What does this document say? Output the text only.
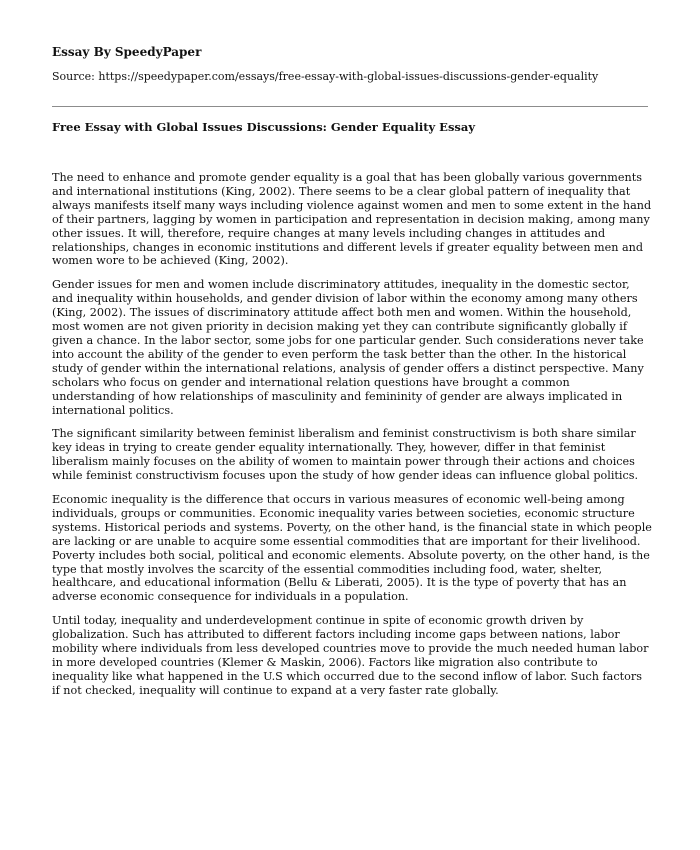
Essay By SpeedyPaper
Source: https://speedypaper.com/essays/free-essay-with-global-issues-discussions-gender-equality
Free Essay with Global Issues Discussions: Gender Equality Essay

The need to enhance and promote gender equality is a goal that has been globally various governments and international institutions (King, 2002). There seems to be a clear global pattern of inequality that always manifests itself many ways including violence against women and men to some extent in the hand of their partners, lagging by women in participation and representation in decision making, among many other issues. It will, therefore, require changes at many levels including changes in attitudes and relationships, changes in economic institutions and different levels if greater equality between men and women wore to be achieved (King, 2002).

Gender issues for men and women include discriminatory attitudes, inequality in the domestic sector, and inequality within households, and gender division of labor within the economy among many others (King, 2002). The issues of discriminatory attitude affect both men and women. Within the household, most women are not given priority in decision making yet they can contribute significantly globally if given a chance. In the labor sector, some jobs for one particular gender. Such considerations never take into account the ability of the gender to even perform the task better than the other. In the historical study of gender within the international relations, analysis of gender offers a distinct perspective. Many scholars who focus on gender and international relation questions have brought a common understanding of how relationships of masculinity and femininity of gender are always implicated in international politics.

The significant similarity between feminist liberalism and feminist constructivism is both share similar key ideas in trying to create gender equality internationally. They, however, differ in that feminist liberalism mainly focuses on the ability of women to maintain power through their actions and choices while feminist constructivism focuses upon the study of how gender ideas can influence global politics.

Economic inequality is the difference that occurs in various measures of economic well-being among individuals, groups or communities. Economic inequality varies between societies, economic structure systems. Historical periods and systems. Poverty, on the other hand, is the financial state in which people are lacking or are unable to acquire some essential commodities that are important for their livelihood. Poverty includes both social, political and economic elements. Absolute poverty, on the other hand, is the type that mostly involves the scarcity of the essential commodities including food, water, shelter, healthcare, and educational information (Bellu & Liberati, 2005). It is the type of poverty that has an adverse economic consequence for individuals in a population.

Until today, inequality and underdevelopment continue in spite of economic growth driven by globalization. Such has attributed to different factors including income gaps between nations, labor mobility where individuals from less developed countries move to provide the much needed human labor in more developed countries (Klemer & Maskin, 2006). Factors like migration also contribute to inequality like what happened in the U.S which occurred due to the second inflow of labor. Such factors if not checked, inequality will continue to expand at a very faster rate globally.
